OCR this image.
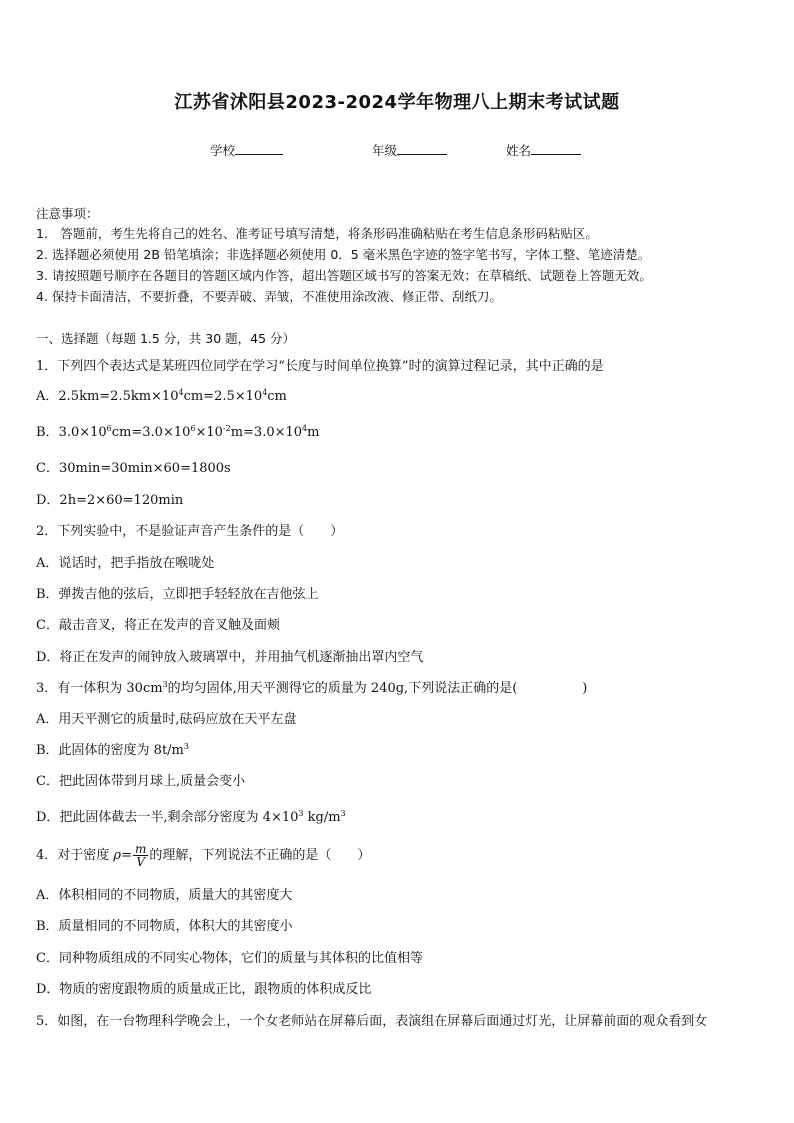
江苏省沭阳县2023-2024学年物理八上期末考试试题
学校	年级	姓名
注意事项：
1.　答题前，考生先将自己的姓名、准考证号填写清楚，将条形码准确粘贴在考生信息条形码粘贴区。
2. 选择题必须使用 2B 铅笔填涂；非选择题必须使用 0．5 毫米黑色字迹的签字笔书写，字体工整、笔迹清楚。
3. 请按照题号顺序在各题目的答题区域内作答，超出答题区域书写的答案无效；在草稿纸、试题卷上答题无效。
4. 保持卡面清洁，不要折叠，不要弄破、弄皱，不准使用涂改液、修正带、刮纸刀。
一、选择题（每题 1.5 分，共 30 题，45 分）
1．下列四个表达式是某班四位同学在学习“长度与时间单位换算”时的演算过程记录，其中正确的是
A．$2.5km=2.5km\times 10^4cm=2.5\times 10^4cm$
B．$3.0\times 10^6cm=3.0\times 10^6\times 10^{-2}m=3.0\times 10^4m$
C．30min=30min×60=1800s
D．2h=2×60=120min
2．下列实验中，不是验证声音产生条件的是（　　）
A．说话时，把手指放在喉咙处
B．弹拨吉他的弦后，立即把手轻轻放在吉他弦上
C．敲击音叉，将正在发声的音叉触及面颊
D．将正在发声的闹钟放入玻璃罩中，并用抽气机逐渐抽出罩内空气
3．有一体积为 $30cm^3$的均匀固体,用天平测得它的质量为 240g,下列说法正确的是(　　　　　)
A．用天平测它的质量时,砝码应放在天平左盘
B．此固体的密度为 $8t/m^3$
C．把此固体带到月球上,质量会变小
D．把此固体截去一半,剩余部分密度为 $4\times 10^3$ $kg/m^3$
4．对于密度 $\rho= \frac{m}{V}$ 的理解，下列说法不正确的是（　　）
A．体积相同的不同物质，质量大的其密度大
B．质量相同的不同物质，体积大的其密度小
C．同种物质组成的不同实心物体，它们的质量与其体积的比值相等
D．物质的密度跟物质的质量成正比，跟物质的体积成反比
5．如图，在一台物理科学晚会上，一个女老师站在屏幕后面，表演组在屏幕后面通过灯光，让屏幕前面的观众看到女
